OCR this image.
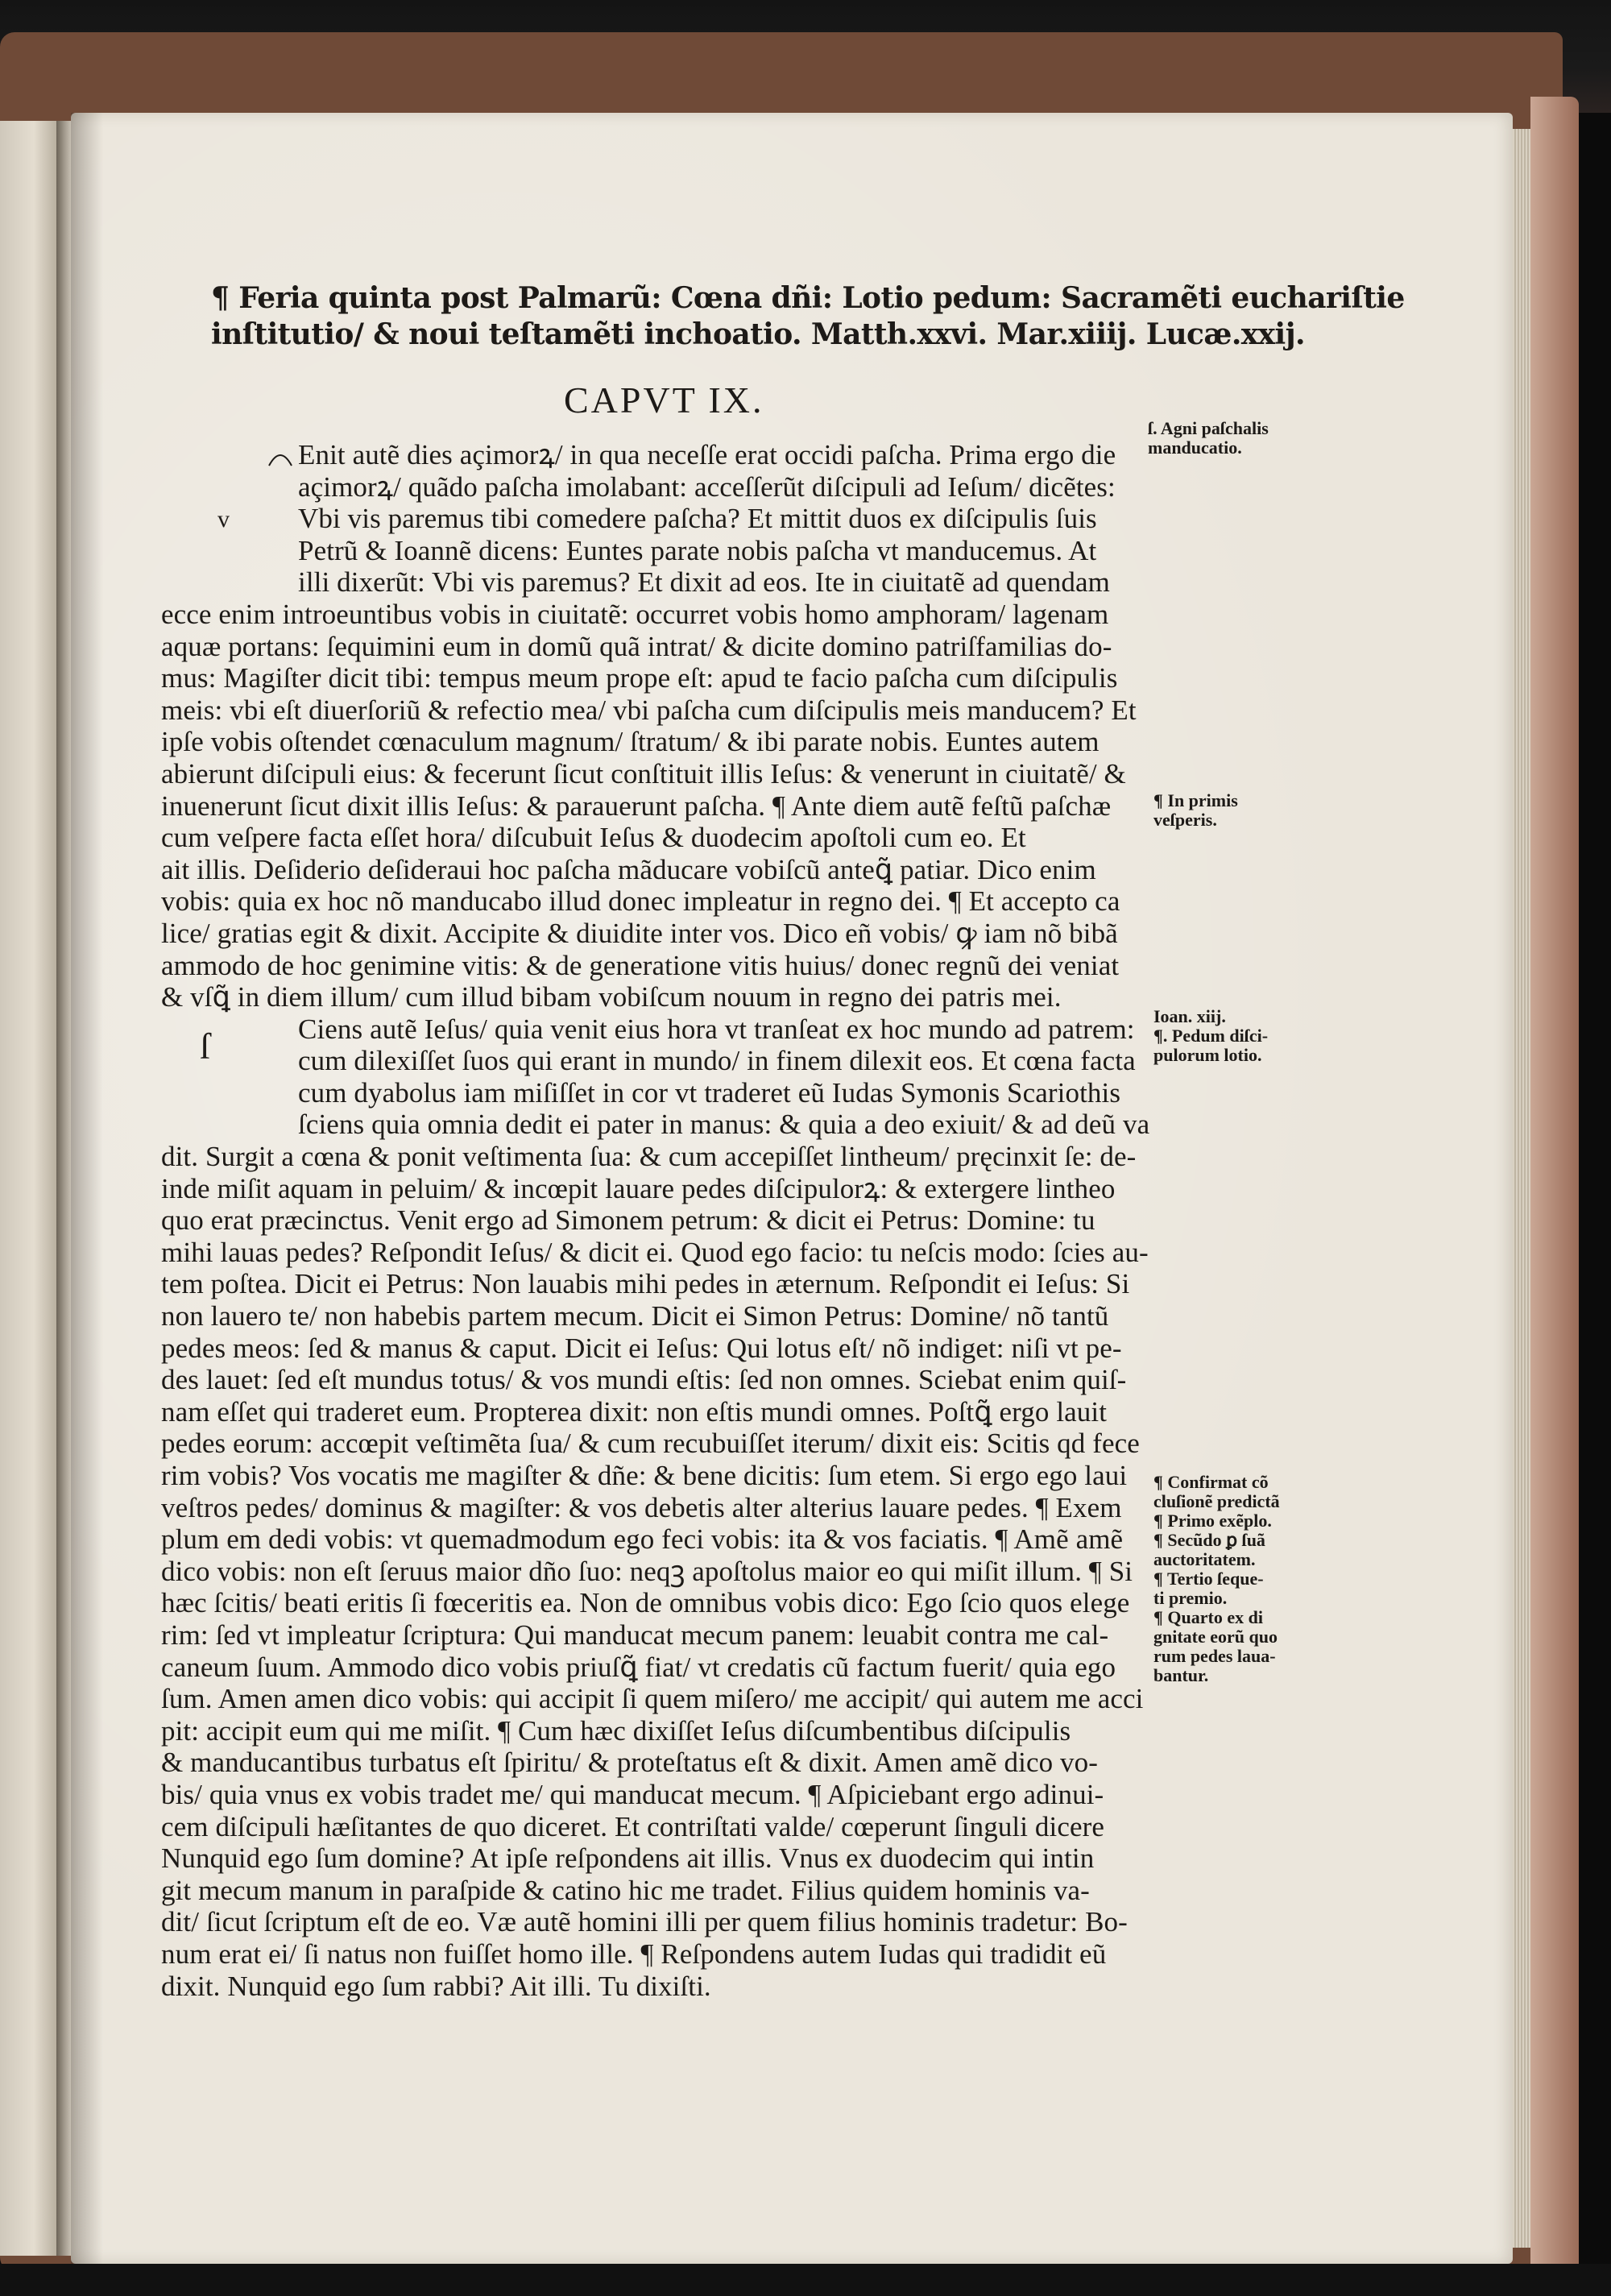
¶ Feria quinta post Palmarũ: Cœna dñi: Lotio pedum: Sacramẽti euchariſtie
inſtitutio/ & noui teſtamẽti inchoatio. Matth.xxvi. Mar.xiiij. Lucæ.xxij.
CAPVT IX.
v
ſ
Enit autẽ dies açimorꝝ/ in qua neceſſe erat occidi paſcha. Prima ergo die
açimorꝝ/ quãdo paſcha imolabant: acceſſerũt diſcipuli ad Ieſum/ dicẽtes:
Vbi vis paremus tibi comedere paſcha? Et mittit duos ex diſcipulis ſuis
Petrũ & Ioannẽ dicens: Euntes parate nobis paſcha vt manducemus. At
illi dixerũt: Vbi vis paremus? Et dixit ad eos. Ite in ciuitatẽ ad quendam
ecce enim introeuntibus vobis in ciuitatẽ: occurret vobis homo amphoram/ lagenam
aquæ portans: ſequimini eum in domũ quã intrat/ & dicite domino patriſfamilias do-
mus: Magiſter dicit tibi: tempus meum prope eſt: apud te facio paſcha cum diſcipulis
meis: vbi eſt diuerſoriũ & refectio mea/ vbi paſcha cum diſcipulis meis manducem? Et
ipſe vobis oſtendet cœnaculum magnum/ ſtratum/ & ibi parate nobis. Euntes autem
abierunt diſcipuli eius: & fecerunt ſicut conſtituit illis Ieſus: & venerunt in ciuitatẽ/ &
inuenerunt ſicut dixit illis Ieſus: & parauerunt paſcha. ¶ Ante diem autẽ feſtũ paſchæ
cum veſpere facta eſſet hora/ diſcubuit Ieſus & duodecim apoſtoli cum eo. Et
ait illis. Deſiderio deſideraui hoc paſcha mãducare vobiſcũ anteꝗ̃ patiar. Dico enim
vobis: quia ex hoc nõ manducabo illud donec impleatur in regno dei. ¶ Et accepto ca
lice/ gratias egit & dixit. Accipite & diuidite inter vos. Dico eñ vobis/ ꝙ iam nõ bibã
ammodo de hoc genimine vitis: & de generatione vitis huius/ donec regnũ dei veniat
& vſꝗ̃ in diem illum/ cum illud bibam vobiſcum nouum in regno dei patris mei.
Ciens autẽ Ieſus/ quia venit eius hora vt tranſeat ex hoc mundo ad patrem:
cum dilexiſſet ſuos qui erant in mundo/ in finem dilexit eos. Et cœna facta
cum dyabolus iam miſiſſet in cor vt traderet eũ Iudas Symonis Scariothis
ſciens quia omnia dedit ei pater in manus: & quia a deo exiuit/ & ad deũ va
dit. Surgit a cœna & ponit veſtimenta ſua: & cum accepiſſet lintheum/ pręcinxit ſe: de-
inde miſit aquam in peluim/ & incœpit lauare pedes diſcipulorꝝ: & extergere lintheo
quo erat præcinctus. Venit ergo ad Simonem petrum: & dicit ei Petrus: Domine: tu
mihi lauas pedes? Reſpondit Ieſus/ & dicit ei. Quod ego facio: tu neſcis modo: ſcies au-
tem poſtea. Dicit ei Petrus: Non lauabis mihi pedes in æternum. Reſpondit ei Ieſus: Si
non lauero te/ non habebis partem mecum. Dicit ei Simon Petrus: Domine/ nõ tantũ
pedes meos: ſed & manus & caput. Dicit ei Ieſus: Qui lotus eſt/ nõ indiget: niſi vt pe-
des lauet: ſed eſt mundus totus/ & vos mundi eſtis: ſed non omnes. Sciebat enim quiſ-
nam eſſet qui traderet eum. Propterea dixit: non eſtis mundi omnes. Poſtꝗ̃ ergo lauit
pedes eorum: accœpit veſtimẽta ſua/ & cum recubuiſſet iterum/ dixit eis: Scitis qd fece
rim vobis? Vos vocatis me magiſter & dñe: & bene dicitis: ſum etem. Si ergo ego laui
veſtros pedes/ dominus & magiſter: & vos debetis alter alterius lauare pedes. ¶ Exem
plum em dedi vobis: vt quemadmodum ego feci vobis: ita & vos faciatis. ¶ Amẽ amẽ
dico vobis: non eſt ſeruus maior dño ſuo: neqꝫ apoſtolus maior eo qui miſit illum. ¶ Si
hæc ſcitis/ beati eritis ſi fœceritis ea. Non de omnibus vobis dico: Ego ſcio quos elege
rim: ſed vt impleatur ſcriptura: Qui manducat mecum panem: leuabit contra me cal-
caneum ſuum. Ammodo dico vobis priuſꝗ̃ fiat/ vt credatis cũ factum fuerit/ quia ego
ſum. Amen amen dico vobis: qui accipit ſi quem miſero/ me accipit/ qui autem me acci
pit: accipit eum qui me miſit. ¶ Cum hæc dixiſſet Ieſus diſcumbentibus diſcipulis
& manducantibus turbatus eſt ſpiritu/ & proteſtatus eſt & dixit. Amen amẽ dico vo-
bis/ quia vnus ex vobis tradet me/ qui manducat mecum. ¶ Aſpiciebant ergo adinui-
cem diſcipuli hæſitantes de quo diceret. Et contriſtati valde/ cœperunt ſinguli dicere
Nunquid ego ſum domine? At ipſe reſpondens ait illis. Vnus ex duodecim qui intin
git mecum manum in paraſpide & catino hic me tradet. Filius quidem hominis va-
dit/ ſicut ſcriptum eſt de eo. Væ autẽ homini illi per quem filius hominis tradetur: Bo-
num erat ei/ ſi natus non fuiſſet homo ille. ¶ Reſpondens autem Iudas qui tradidit eũ
dixit. Nunquid ego ſum rabbi? Ait illi. Tu dixiſti.
ſ. Agni paſchalis
manducatio.
¶ In primis
veſperis.
Ioan. xiij.
¶. Pedum diſci-
pulorum lotio.
¶ Confirmat cõ
cluſionẽ predictã
¶ Primo exẽplo.
¶ Secũdo ꝑ ſuã
auctoritatem.
¶ Tertio ſeque-
ti premio.
¶ Quarto ex di
gnitate eorũ quo
rum pedes laua-
bantur.
